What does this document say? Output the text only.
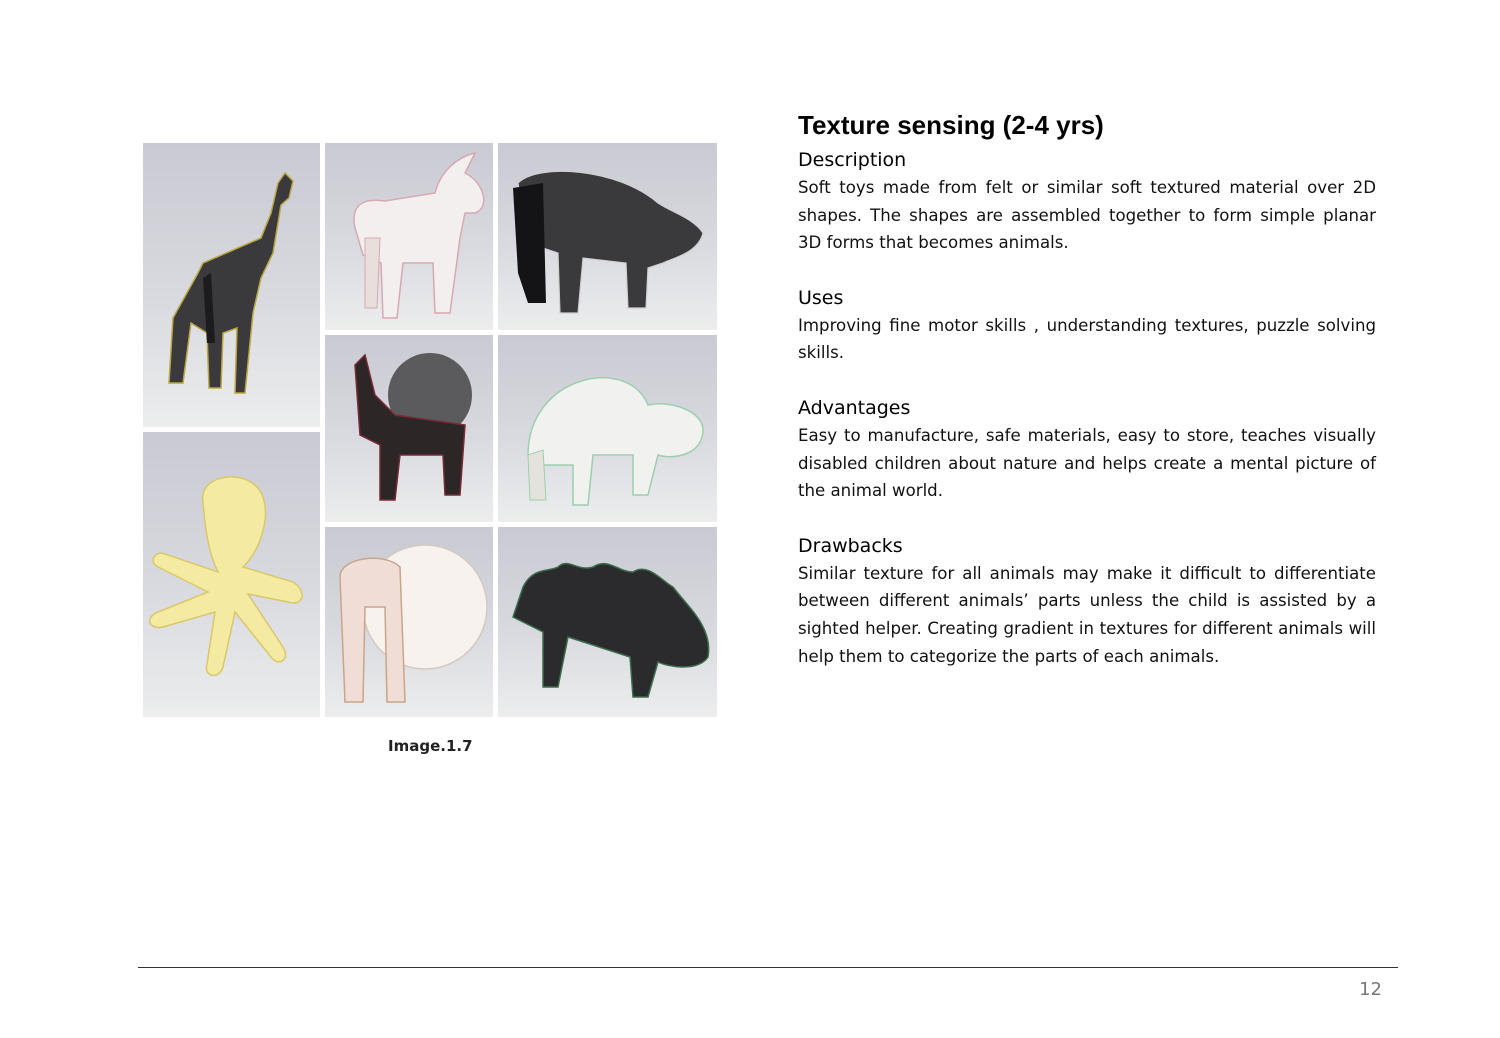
Image.1.7
Texture sensing (2-4 yrs)
Description

Soft toys made from felt or similar soft textured material over 2D shapes. The shapes are assembled together to form simple planar 3D forms that becomes animals.

Uses

Improving fine motor skills , understanding textures, puzzle solving skills.

Advantages

Easy to manufacture, safe materials, easy to store, teaches visually disabled children about nature and helps create a mental picture of the animal world.

Drawbacks

Similar texture for all animals may make it difficult to differentiate between different animals’ parts unless the child is assisted by a sighted helper. Creating gradient in textures for different animals will help them to categorize the parts of each animals.

12
